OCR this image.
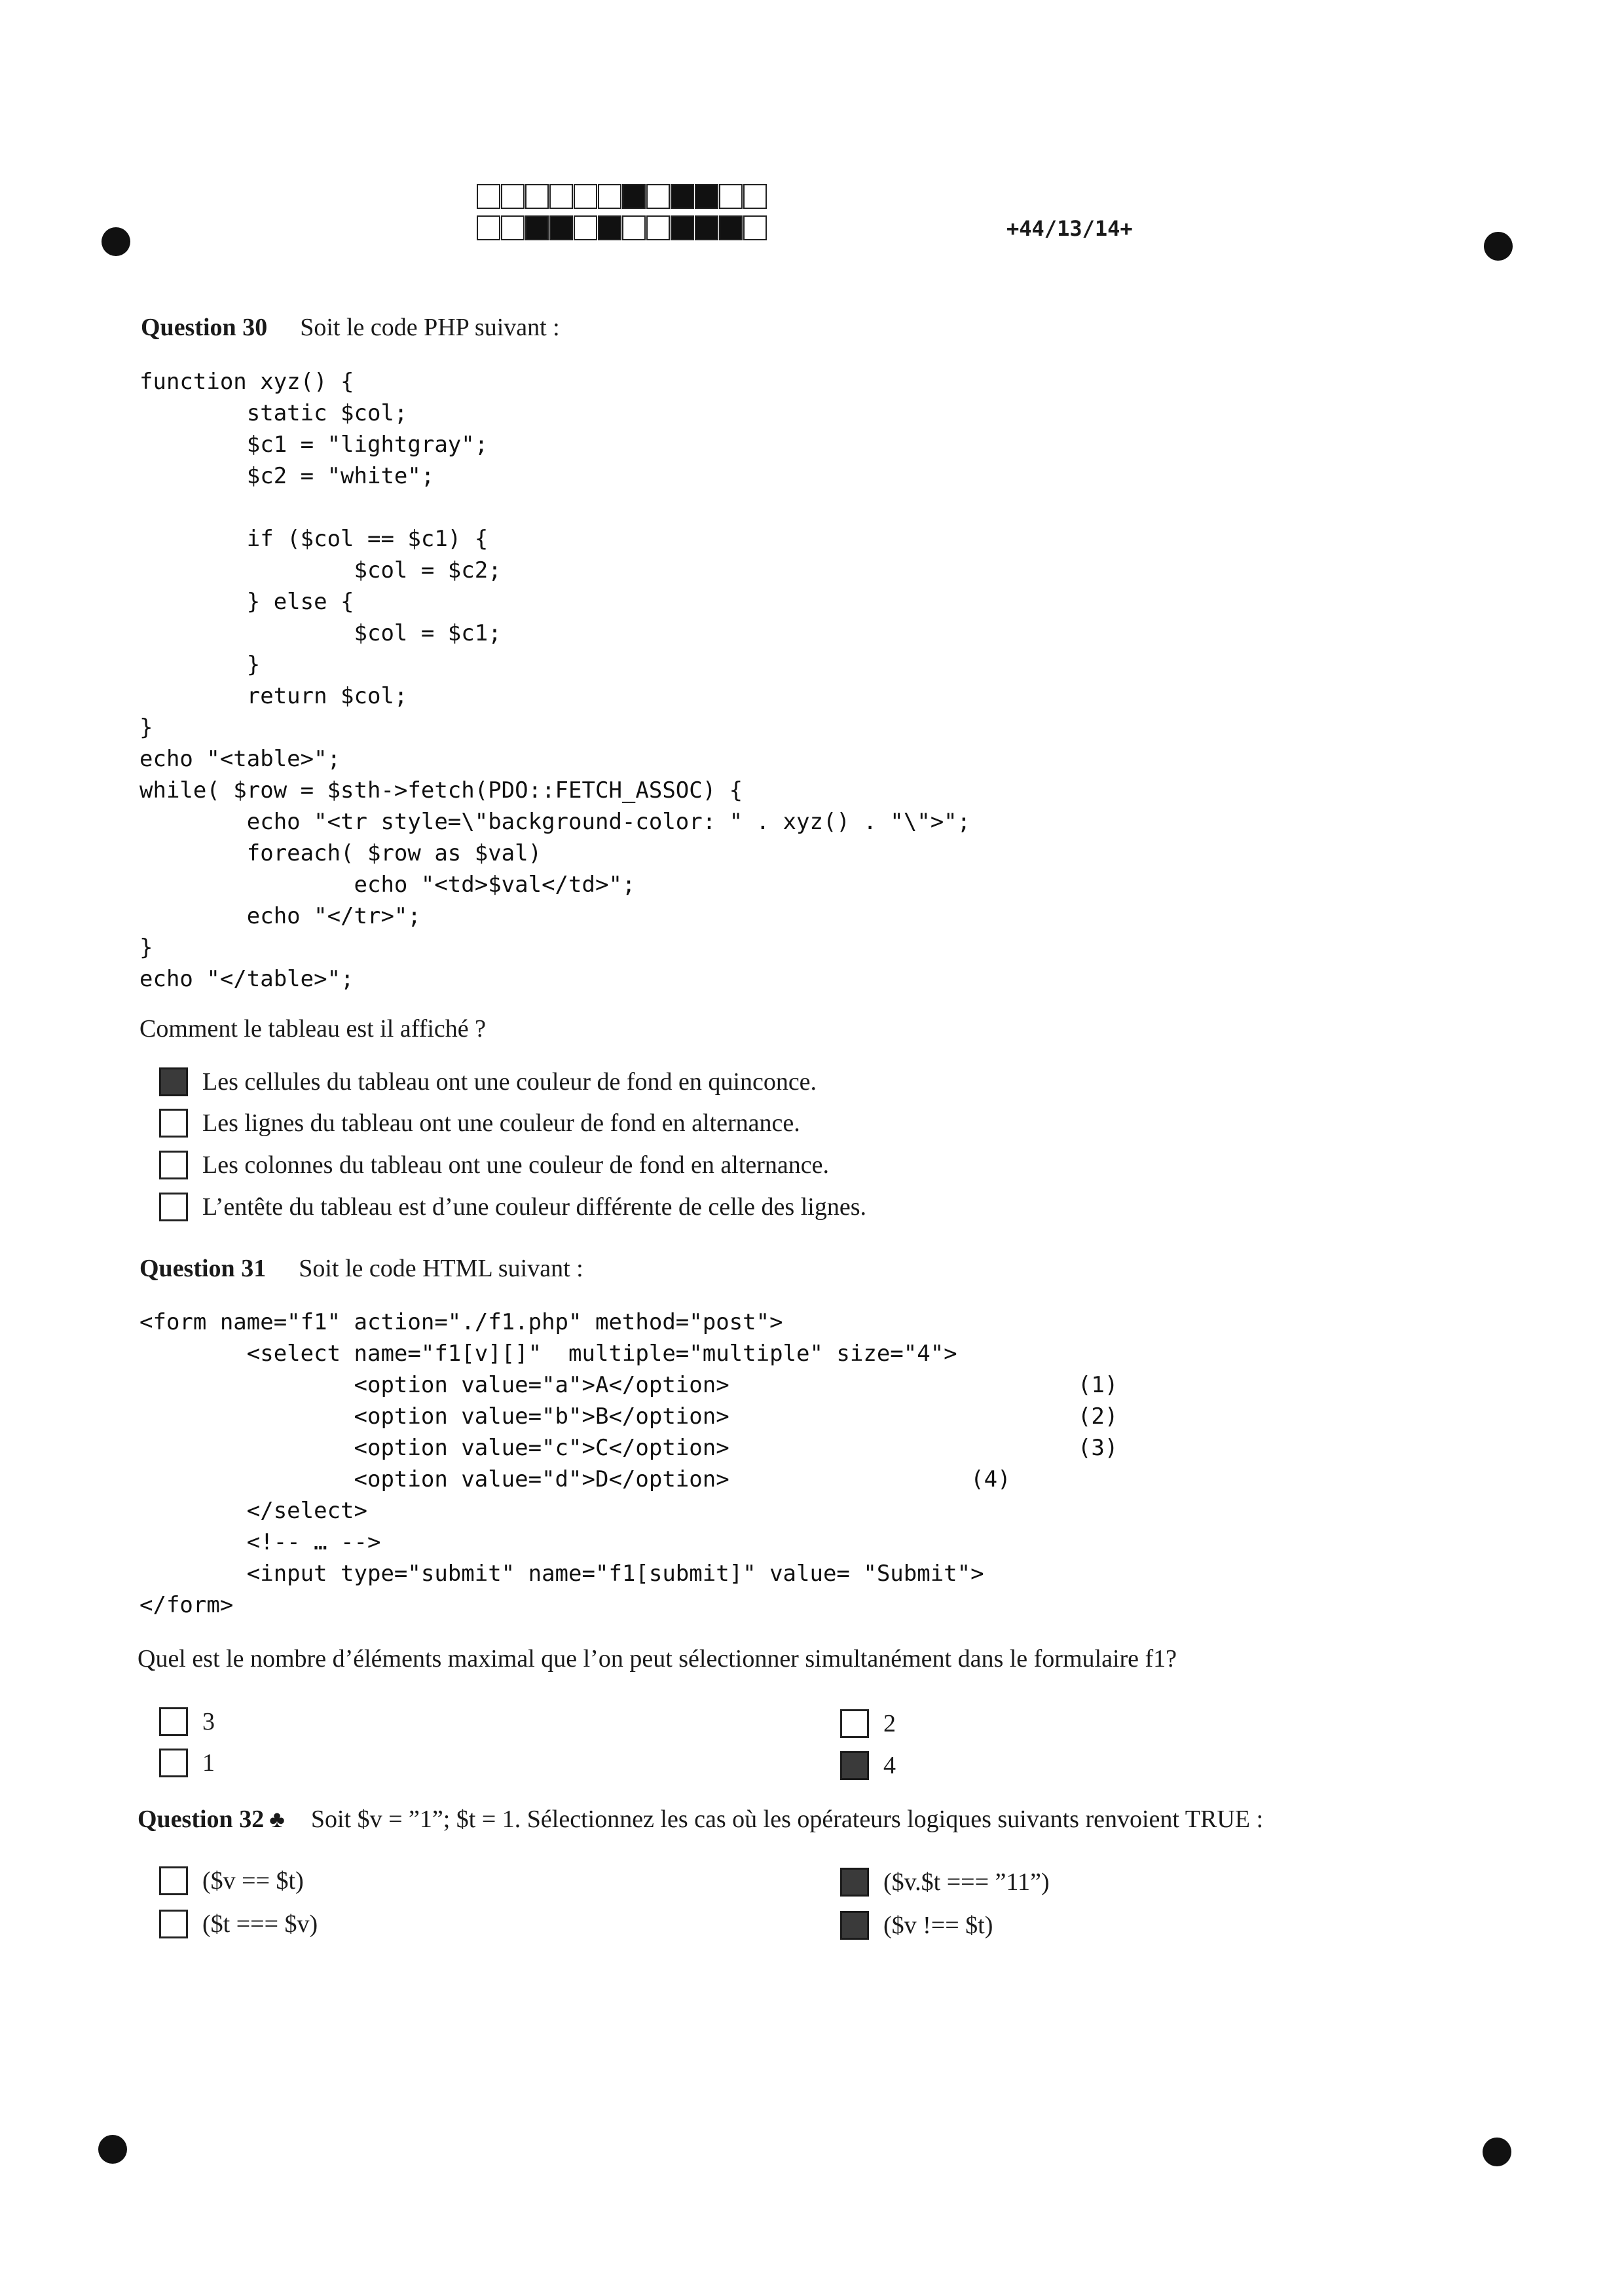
+44/13/14+
Question 30 Soit le code PHP suivant :
function xyz() {
static $col;
$c1 = "lightgray";
$c2 = "white";

if ($col == $c1) {
$col = $c2;
} else {
$col = $c1;
}
return $col;
}
echo "<table>";
while( $row = $sth->fetch(PDO::FETCH_ASSOC) {
echo "<tr style=\"background-color: " . xyz() . "\">";
foreach( $row as $val)
echo "<td>$val</td>";
echo "</tr>";
}
echo "</table>";
Comment le tableau est il affiché ?
Les cellules du tableau ont une couleur de fond en quinconce.
Les lignes du tableau ont une couleur de fond en alternance.
Les colonnes du tableau ont une couleur de fond en alternance.
L’entête du tableau est d’une couleur différente de celle des lignes.
Question 31 Soit le code HTML suivant :
<form name="f1" action="./f1.php" method="post">
<select name="f1[v][]"  multiple="multiple" size="4">
<option value="a">A</option>                          (1)
<option value="b">B</option>                          (2)
<option value="c">C</option>                          (3)
<option value="d">D</option>                  (4)
</select>
<!-- … -->
<input type="submit" name="f1[submit]" value= "Submit">
</form>
Quel est le nombre d’éléments maximal que l’on peut sélectionner simultanément dans le formulaire f1?
3	2
1	4
Question 32 ♣ Soit $v = ”1”; $t = 1. Sélectionnez les cas où les opérateurs logiques suivants renvoient TRUE :
($v == $t)	($v.$t === ”11”)
($t === $v)	($v !== $t)
